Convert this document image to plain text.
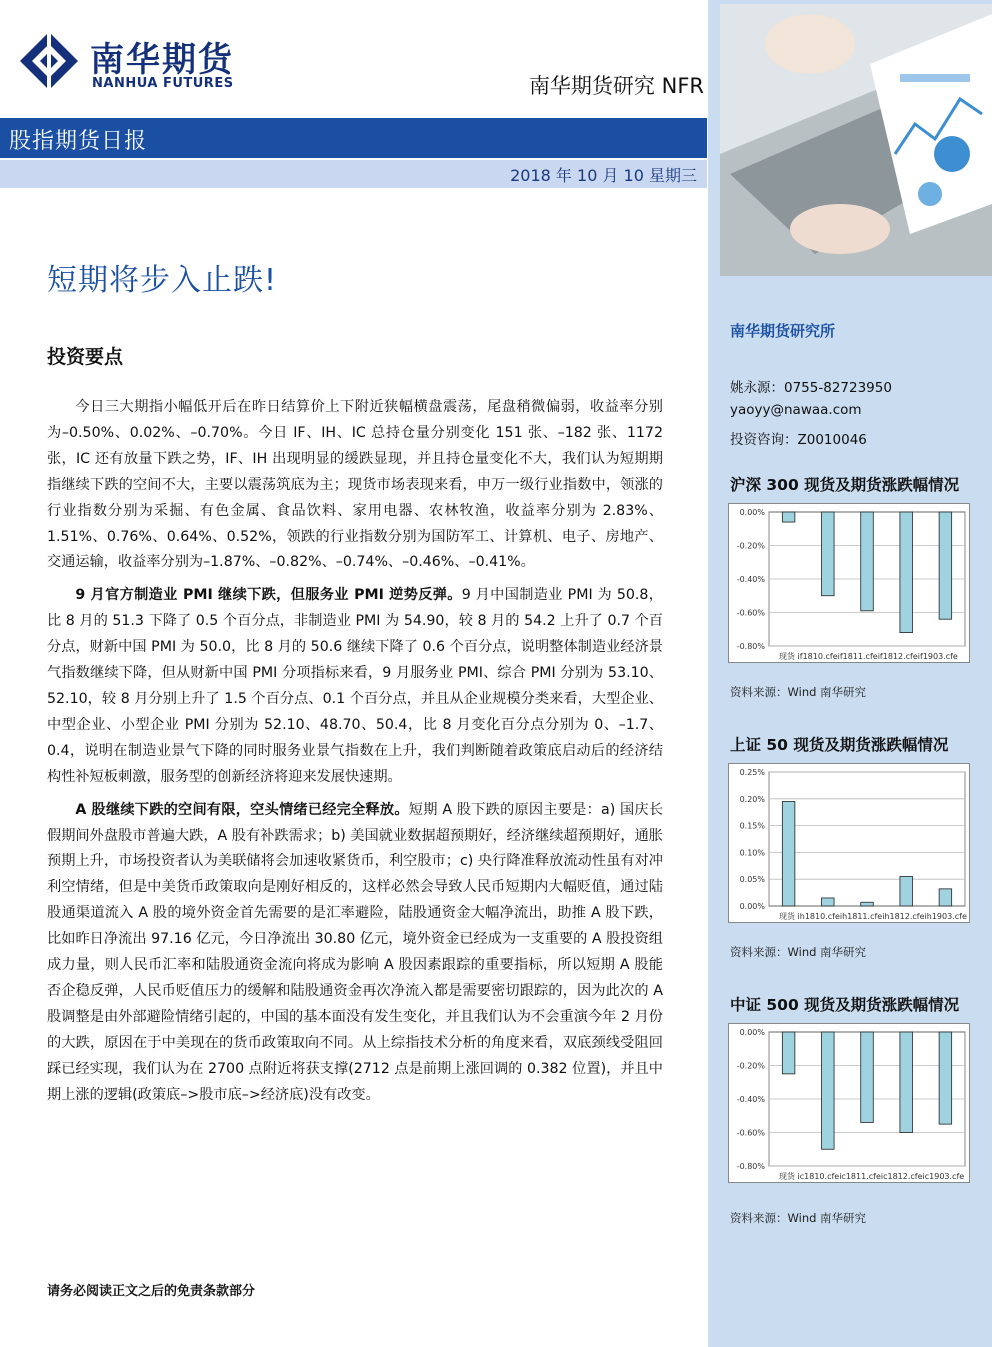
南华期货
NANHUA FUTURES	南华期货研究 NFR
股指期货日报
2018 年 10 月 10 星期三
短期将步入止跌!
投资要点

今日三大期指小幅低开后在昨日结算价上下附近狭幅横盘震荡，尾盘稍微偏弱，收益率分别为–0.50%、0.02%、–0.70%。今日 IF、IH、IC 总持仓量分别变化 151 张、–182 张、1172 张，IC 还有放量下跌之势，IF、IH 出现明显的缓跌显现，并且持仓量变化不大，我们认为短期期指继续下跌的空间不大，主要以震荡筑底为主；现货市场表现来看，申万一级行业指数中，领涨的行业指数分别为采掘、有色金属、食品饮料、家用电器、农林牧渔，收益率分别为 2.83%、1.51%、0.76%、0.64%、0.52%，领跌的行业指数分别为国防军工、计算机、电子、房地产、交通运输，收益率分别为–1.87%、–0.82%、–0.74%、–0.46%、–0.41%。

9 月官方制造业 PMI 继续下跌，但服务业 PMI 逆势反弹。9 月中国制造业 PMI 为 50.8，比 8 月的 51.3 下降了 0.5 个百分点，非制造业 PMI 为 54.90，较 8 月的 54.2 上升了 0.7 个百分点，财新中国 PMI 为 50.0，比 8 月的 50.6 继续下降了 0.6 个百分点，说明整体制造业经济景气指数继续下降，但从财新中国 PMI 分项指标来看，9 月服务业 PMI、综合 PMI 分别为 53.10、52.10，较 8 月分别上升了 1.5 个百分点、0.1 个百分点，并且从企业规模分类来看，大型企业、中型企业、小型企业 PMI 分别为 52.10、48.70、50.4，比 8 月变化百分点分别为 0、–1.7、0.4，说明在制造业景气下降的同时服务业景气指数在上升，我们判断随着政策底启动后的经济结构性补短板刺激，服务型的创新经济将迎来发展快速期。

A 股继续下跌的空间有限，空头情绪已经完全释放。短期 A 股下跌的原因主要是：a) 国庆长假期间外盘股市普遍大跌，A 股有补跌需求；b) 美国就业数据超预期好，经济继续超预期好，通胀预期上升，市场投资者认为美联储将会加速收紧货币，利空股市；c) 央行降准释放流动性虽有对冲利空情绪，但是中美货币政策取向是刚好相反的，这样必然会导致人民币短期内大幅贬值，通过陆股通渠道流入 A 股的境外资金首先需要的是汇率避险，陆股通资金大幅净流出，助推 A 股下跌，比如昨日净流出 97.16 亿元，今日净流出 30.80 亿元，境外资金已经成为一支重要的 A 股投资组成力量，则人民币汇率和陆股通资金流向将成为影响 A 股因素跟踪的重要指标，所以短期 A 股能否企稳反弹，人民币贬值压力的缓解和陆股通资金再次净流入都是需要密切跟踪的，因为此次的 A 股调整是由外部避险情绪引起的，中国的基本面没有发生变化，并且我们认为不会重演今年 2 月份的大跌，原因在于中美现在的货币政策取向不同。从上综指技术分析的角度来看，双底颈线受阻回踩已经实现，我们认为在 2700 点附近将获支撑(2712 点是前期上涨回调的 0.382 位置)，并且中期上涨的逻辑(政策底–>股市底–>经济底)没有改变。

请务必阅读正文之后的免责条款部分
南华期货研究所
姚永源：0755-82723950
yaoyy@nawaa.com
投资咨询：Z0010046
沪深 300 现货及期货涨跌幅情况
0.00%
-0.20%
-0.40%
-0.60%
-0.80%
现货 if1810.cfeif1811.cfeif1812.cfeif1903.cfe
资料来源：Wind 南华研究
上证 50 现货及期货涨跌幅情况
0.25%
0.20%
0.15%
0.10%
0.05%
0.00%
现货 ih1810.cfeih1811.cfeih1812.cfeih1903.cfe
资料来源：Wind 南华研究
中证 500 现货及期货涨跌幅情况
0.00%
-0.20%
-0.40%
-0.60%
-0.80%
现货 ic1810.cfeic1811.cfeic1812.cfeic1903.cfe
资料来源：Wind 南华研究
